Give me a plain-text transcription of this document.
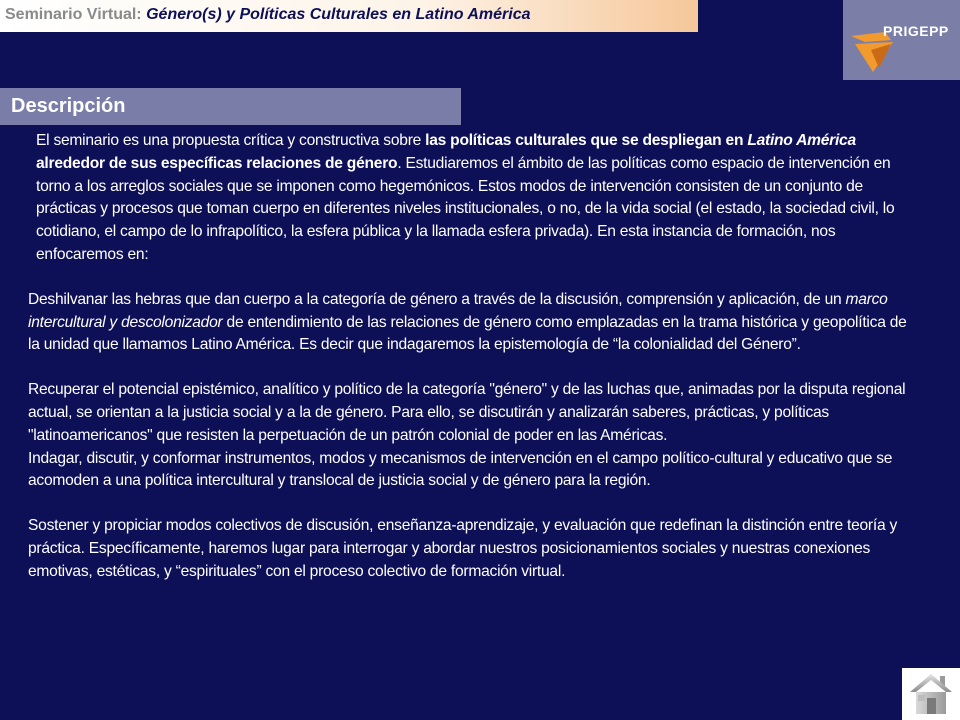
Seminario Virtual: Género(s) y Políticas Culturales en Latino América
PRIGEPP
Descripción

El seminario es una propuesta crítica y constructiva sobre las políticas culturales que se despliegan en Latino América alrededor de sus específicas relaciones de género. Estudiaremos el ámbito de las políticas como espacio de intervención en torno a los arreglos sociales que se imponen como hegemónicos. Estos modos de intervención consisten de un conjunto de prácticas y procesos que toman cuerpo en diferentes niveles institucionales, o no, de la vida social (el estado, la sociedad civil, lo cotidiano, el campo de lo infrapolítico, la esfera pública y la llamada esfera privada). En esta instancia de formación, nos enfocaremos en:

Deshilvanar las hebras que dan cuerpo a la categoría de género a través de la discusión, comprensión y aplicación, de un marco intercultural y descolonizador de entendimiento de las relaciones de género como emplazadas en la trama histórica y geopolítica de la unidad que llamamos Latino América. Es decir que indagaremos la epistemología de “la colonialidad del Género”.

Recuperar el potencial epistémico, analítico y político de la categoría "género" y de las luchas que, animadas por la disputa regional actual, se orientan a la justicia social y a la de género. Para ello, se discutirán y analizarán saberes, prácticas, y políticas "latinoamericanos" que resisten la perpetuación de un patrón colonial de poder en las Américas.

Indagar, discutir, y conformar instrumentos, modos y mecanismos de intervención en el campo político-cultural y educativo que se acomoden a una política intercultural y translocal de justicia social y de género para la región.

Sostener y propiciar modos colectivos de discusión, enseñanza-aprendizaje, y evaluación que redefinan la distinción entre teoría y práctica. Específicamente, haremos lugar para interrogar y abordar nuestros posicionamientos sociales y nuestras conexiones emotivas, estéticas, y “espirituales” con el proceso colectivo de formación virtual.
